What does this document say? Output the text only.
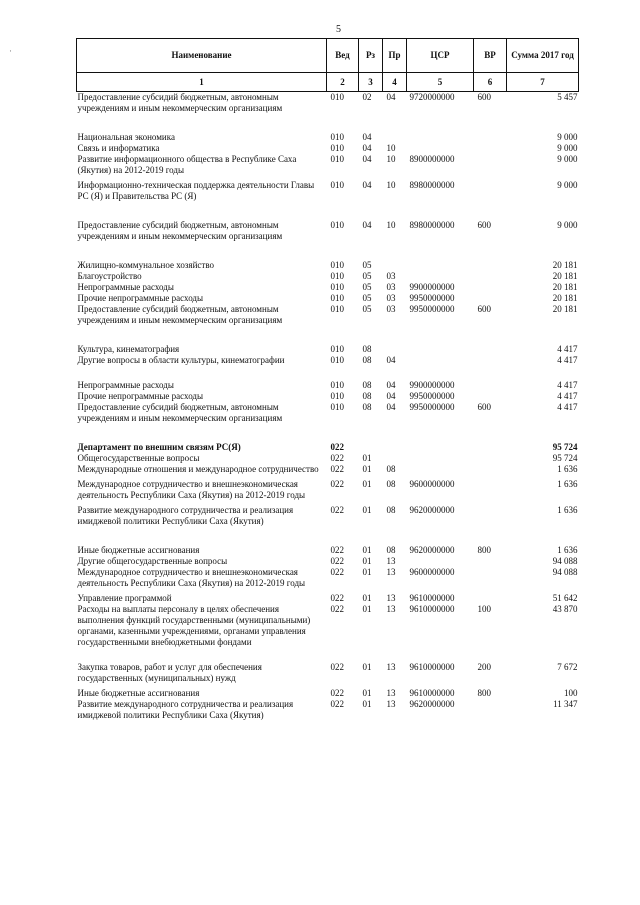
5
·	Наименование	Вед	Рз	Пр	ЦСР	ВР	Сумма 2017 год
1	2	3	4	5	6	7
Предоставление субсидий бюджетным, автономным учреждениям и иным некоммерческим организациям	010	02	04	9720000000	600	5 457
Национальная экономика	010	04				9 000
Связь и информатика	010	04	10			9 000
Развитие информационного общества в Республике Саха (Якутия) на 2012-2019 годы	010	04	10	8900000000		9 000
Информационно-техническая поддержка деятельности Главы РС (Я) и Правительства РС (Я)	010	04	10	8980000000		9 000
Предоставление субсидий бюджетным, автономным учреждениям и иным некоммерческим организациям	010	04	10	8980000000	600	9 000
Жилищно-коммунальное хозяйство	010	05				20 181
Благоустройство	010	05	03			20 181
Непрограммные расходы	010	05	03	9900000000		20 181
Прочие непрограммные расходы	010	05	03	9950000000		20 181
Предоставление субсидий бюджетным, автономным учреждениям и иным некоммерческим организациям	010	05	03	9950000000	600	20 181
Культура, кинематография	010	08				4 417
Другие вопросы в области культуры, кинематографии	010	08	04			4 417
Непрограммные расходы	010	08	04	9900000000		4 417
Прочие непрограммные расходы	010	08	04	9950000000		4 417
Предоставление субсидий бюджетным, автономным учреждениям и иным некоммерческим организациям	010	08	04	9950000000	600	4 417
Департамент по внешним связям РС(Я)	022					95 724
Общегосударственные вопросы	022	01				95 724
Международные отношения и международное сотрудничество	022	01	08			1 636
Международное сотрудничество и внешнеэкономическая деятельность Республики Саха (Якутия) на 2012-2019 годы	022	01	08	9600000000		1 636
Развитие международного сотрудничества и реализация имиджевой политики Республики Саха (Якутия)	022	01	08	9620000000		1 636
Иные бюджетные ассигнования	022	01	08	9620000000	800	1 636
Другие общегосударственные вопросы	022	01	13			94 088
Международное сотрудничество и внешнеэкономическая деятельность Республики Саха (Якутия) на 2012-2019 годы	022	01	13	9600000000		94 088
Управление программой	022	01	13	9610000000		51 642
Расходы на выплаты персоналу в целях обеспечения выполнения функций государственными (муниципальными) органами, казенными учреждениями, органами управления государственными внебюджетными фондами	022	01	13	9610000000	100	43 870
Закупка товаров, работ и услуг для обеспечения государственных (муниципальных) нужд	022	01	13	9610000000	200	7 672
Иные бюджетные ассигнования	022	01	13	9610000000	800	100
Развитие международного сотрудничества и реализация имиджевой политики Республики Саха (Якутия)	022	01	13	9620000000		11 347
